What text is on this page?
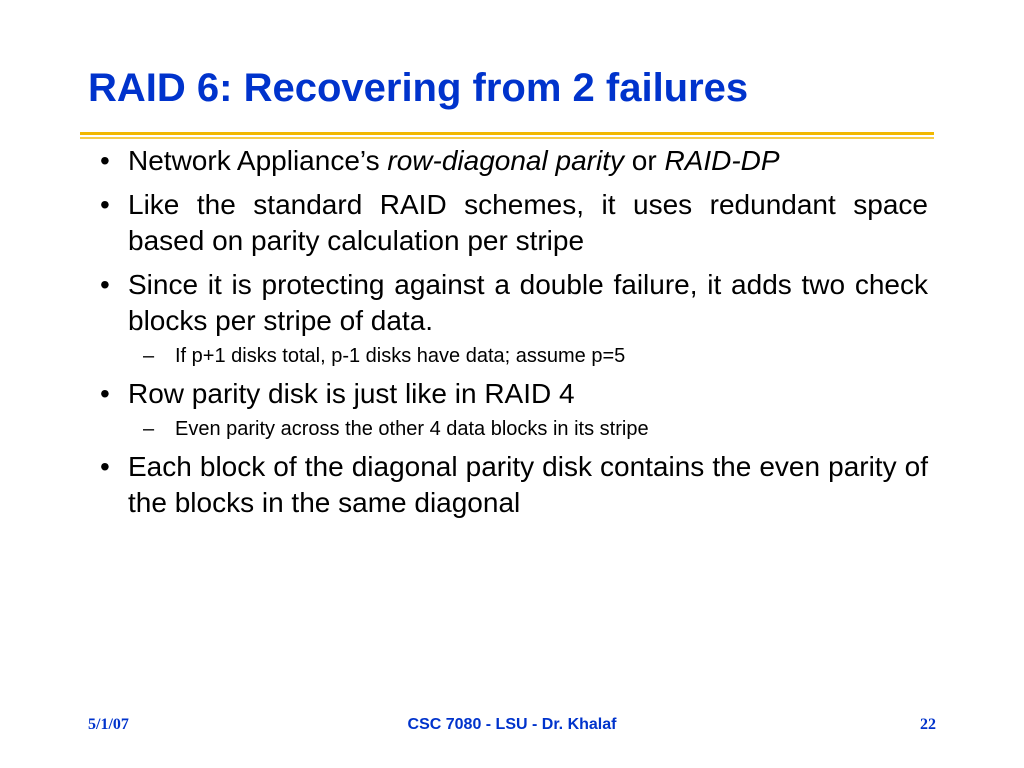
RAID 6: Recovering from 2 failures
• Network Appliance’s row-diagonal parity or RAID-DP
• Like the standard RAID schemes, it uses redundant space based on parity calculation per stripe
• Since it is protecting against a double failure, it adds two check blocks per stripe of data.
– If p+1 disks total, p-1 disks have data; assume p=5
• Row parity disk is just like in RAID 4
– Even parity across the other 4 data blocks in its stripe
• Each block of the diagonal parity disk contains the even parity of the blocks in the same diagonal
5/1/07	CSC 7080 - LSU - Dr. Khalaf	22
